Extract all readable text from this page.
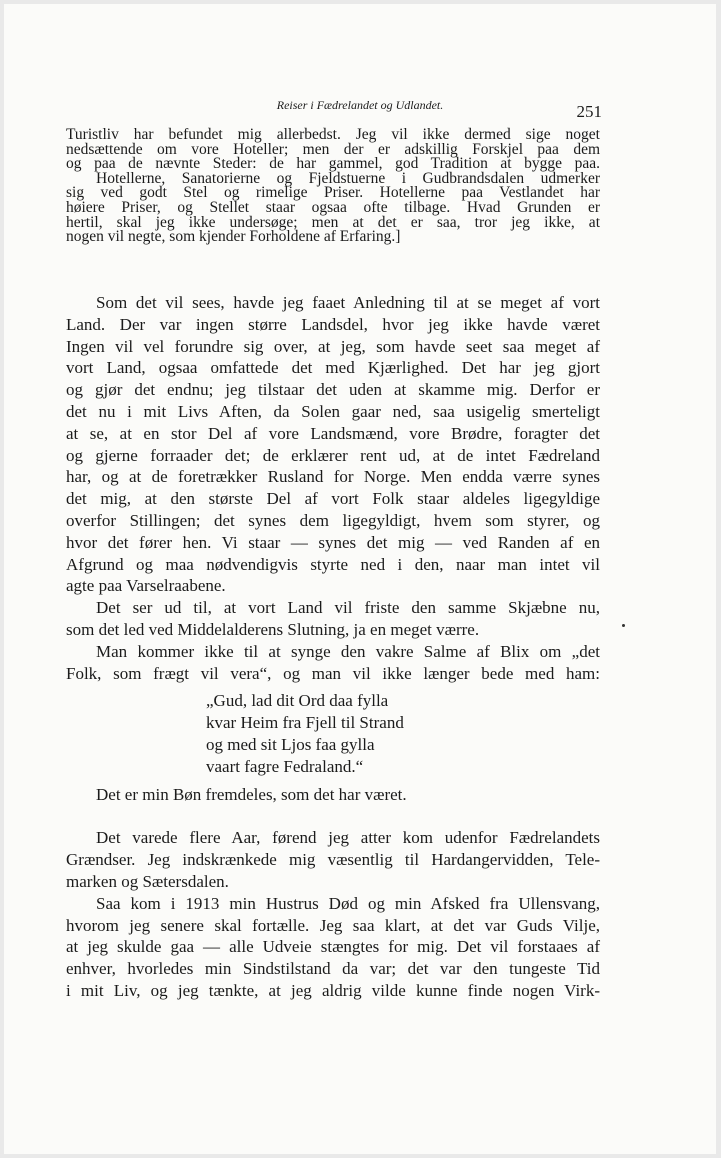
Reiser i Fædrelandet og Udlandet.	251
Turistliv har befundet mig allerbedst. Jeg vil ikke dermed sige noget
nedsættende om vore Hoteller; men der er adskillig Forskjel paa dem
og paa de nævnte Steder: de har gammel, god Tradition at bygge paa.
Hotellerne, Sanatorierne og Fjeldstuerne i Gudbrandsdalen udmerker
sig ved godt Stel og rimelige Priser. Hotellerne paa Vestlandet har
høiere Priser, og Stellet staar ogsaa ofte tilbage. Hvad Grunden er
hertil, skal jeg ikke undersøge; men at det er saa, tror jeg ikke, at
nogen vil negte, som kjender Forholdene af Erfaring.]
Som det vil sees, havde jeg faaet Anledning til at se meget af vort
Land. Der var ingen større Landsdel, hvor jeg ikke havde været
Ingen vil vel forundre sig over, at jeg, som havde seet saa meget af
vort Land, ogsaa omfattede det med Kjærlighed. Det har jeg gjort
og gjør det endnu; jeg tilstaar det uden at skamme mig. Derfor er
det nu i mit Livs Aften, da Solen gaar ned, saa usigelig smerteligt
at se, at en stor Del af vore Landsmænd, vore Brødre, foragter det
og gjerne forraader det; de erklærer rent ud, at de intet Fædreland
har, og at de foretrækker Rusland for Norge. Men endda værre synes
det mig, at den største Del af vort Folk staar aldeles ligegyldige
overfor Stillingen; det synes dem ligegyldigt, hvem som styrer, og
hvor det fører hen. Vi staar — synes det mig — ved Randen af en
Afgrund og maa nødvendigvis styrte ned i den, naar man intet vil
agte paa Varselraabene.
Det ser ud til, at vort Land vil friste den samme Skjæbne nu,
som det led ved Middelalderens Slutning, ja en meget værre.
Man kommer ikke til at synge den vakre Salme af Blix om „det
Folk, som frægt vil vera“, og man vil ikke længer bede med ham:
„Gud, lad dit Ord daa fylla
kvar Heim fra Fjell til Strand
og med sit Ljos faa gylla
vaart fagre Fedraland.“
Det er min Bøn fremdeles, som det har været.
Det varede flere Aar, førend jeg atter kom udenfor Fædrelandets
Grændser. Jeg indskrænkede mig væsentlig til Hardangervidden, Tele-
marken og Sætersdalen.
Saa kom i 1913 min Hustrus Død og min Afsked fra Ullensvang,
hvorom jeg senere skal fortælle. Jeg saa klart, at det var Guds Vilje,
at jeg skulde gaa — alle Udveie stængtes for mig. Det vil forstaaes af
enhver, hvorledes min Sindstilstand da var; det var den tungeste Tid
i mit Liv, og jeg tænkte, at jeg aldrig vilde kunne finde nogen Virk-
